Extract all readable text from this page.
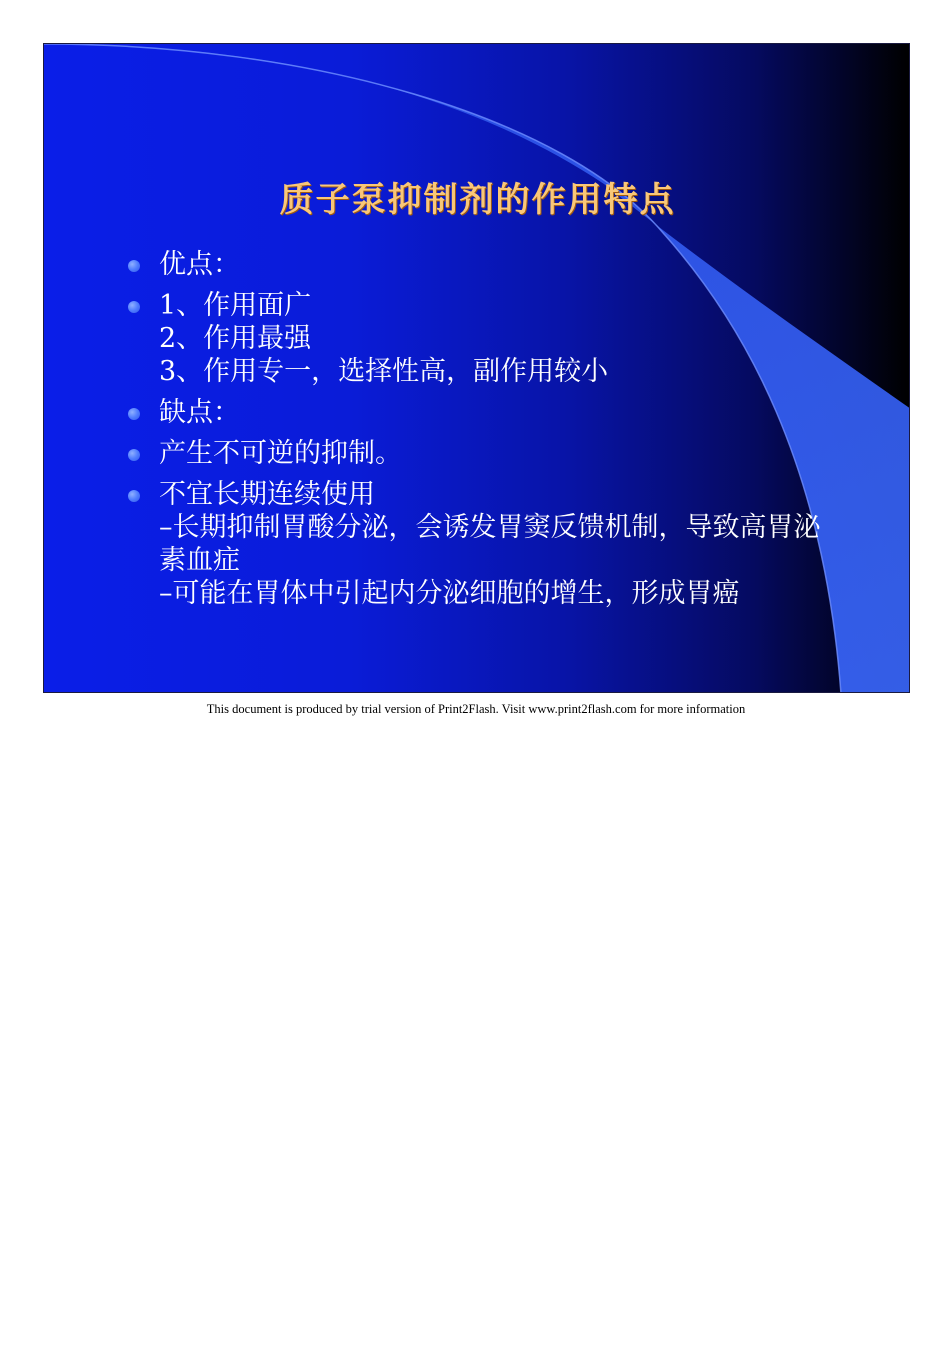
质子泵抑制剂的作用特点
优点：
1、作用面广
2、作用最强
3、作用专一，选择性高，副作用较小
缺点：
产生不可逆的抑制。
不宜长期连续使用
–长期抑制胃酸分泌，会诱发胃窦反馈机制，导致高胃泌素血症
–可能在胃体中引起内分泌细胞的增生，形成胃癌
This document is produced by trial version of Print2Flash. Visit www.print2flash.com for more information
